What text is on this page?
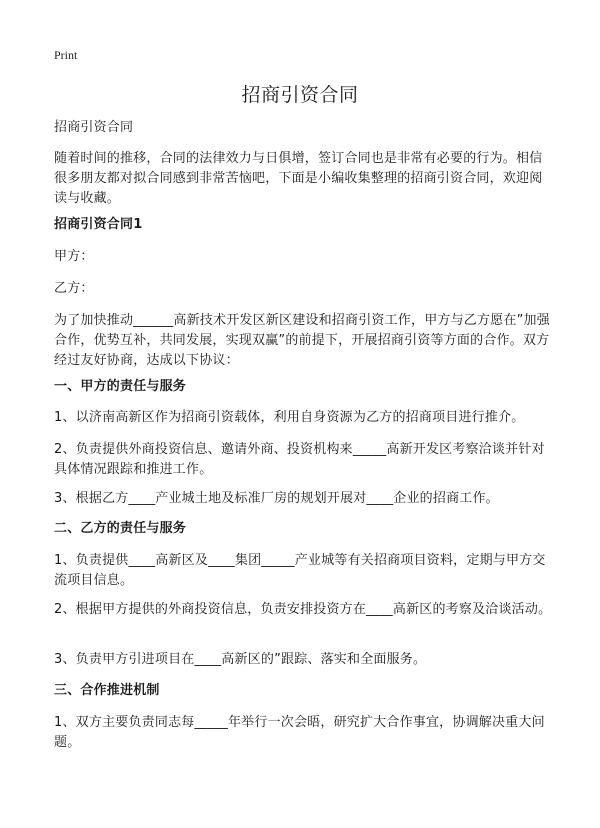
Print
招商引资合同

招商引资合同

随着时间的推移，合同的法律效力与日俱增，签订合同也是非常有必要的行为。相信很多朋友都对拟合同感到非常苦恼吧，下面是小编收集整理的招商引资合同，欢迎阅读与收藏。

招商引资合同1

甲方：

乙方：

为了加快推动______高新技术开发区新区建设和招商引资工作，甲方与乙方愿在”加强合作，优势互补，共同发展，实现双赢”的前提下，开展招商引资等方面的合作。双方经过友好协商，达成以下协议：

一、甲方的责任与服务

1、以济南高新区作为招商引资载体，利用自身资源为乙方的招商项目进行推介。

2、负责提供外商投资信息、邀请外商、投资机构来_____高新开发区考察洽谈并针对具体情况跟踪和推进工作。

3、根据乙方____产业城土地及标准厂房的规划开展对____企业的招商工作。

二、乙方的责任与服务

1、负责提供____高新区及____集团_____产业城等有关招商项目资料，定期与甲方交流项目信息。

2、根据甲方提供的外商投资信息，负责安排投资方在____高新区的考察及洽谈活动。

3、负责甲方引进项目在____高新区的”跟踪、落实和全面服务。

三、合作推进机制

1、双方主要负责同志每_____年举行一次会晤，研究扩大合作事宜，协调解决重大问题。
